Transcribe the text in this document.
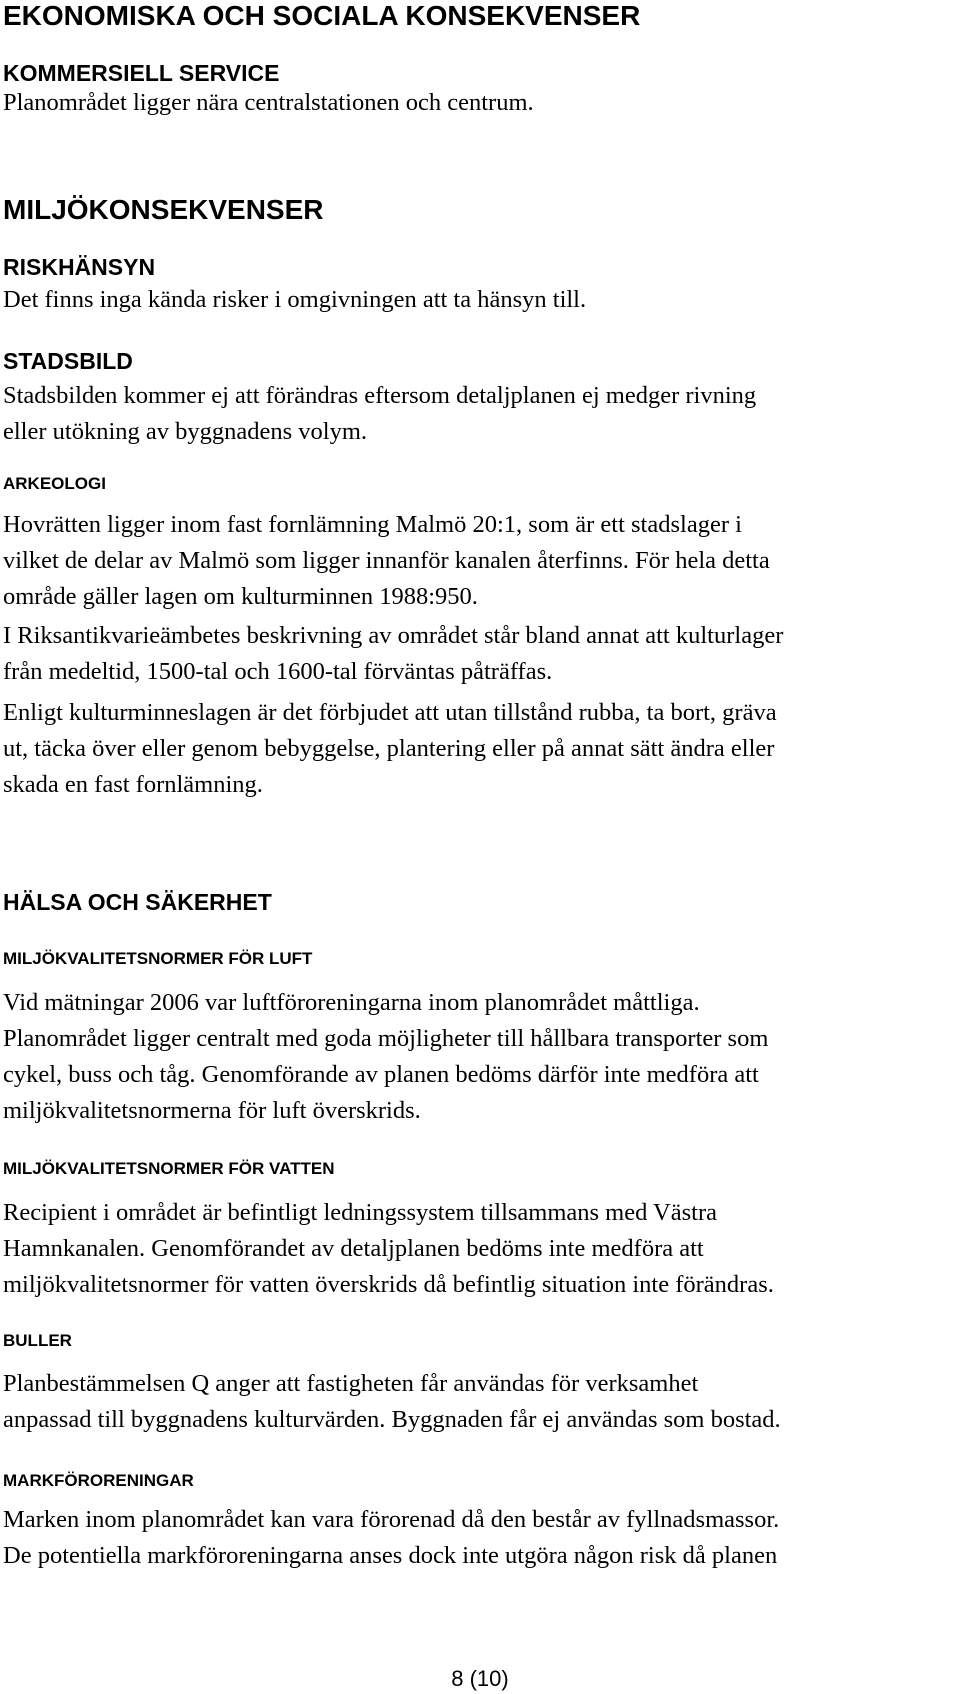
EKONOMISKA OCH SOCIALA KONSEKVENSER
KOMMERSIELL SERVICE

Planområdet ligger nära centralstationen och centrum.

MILJÖKONSEKVENSER
RISKHÄNSYN

Det finns inga kända risker i omgivningen att ta hänsyn till.

STADSBILD
Stadsbilden kommer ej att förändras eftersom detaljplanen ej medger rivning
eller utökning av byggnadens volym.
ARKEOLOGI
Hovrätten ligger inom fast fornlämning Malmö 20:1, som är ett stadslager i
vilket de delar av Malmö som ligger innanför kanalen återfinns. För hela detta
område gäller lagen om kulturminnen 1988:950.
I Riksantikvarieämbetes beskrivning av området står bland annat att kulturlager
från medeltid, 1500-tal och 1600-tal förväntas påträffas.
Enligt kulturminneslagen är det förbjudet att utan tillstånd rubba, ta bort, gräva
ut, täcka över eller genom bebyggelse, plantering eller på annat sätt ändra eller
skada en fast fornlämning.
HÄLSA OCH SÄKERHET
MILJÖKVALITETSNORMER FÖR LUFT
Vid mätningar 2006 var luftföroreningarna inom planområdet måttliga.
Planområdet ligger centralt med goda möjligheter till hållbara transporter som
cykel, buss och tåg. Genomförande av planen bedöms därför inte medföra att
miljökvalitetsnormerna för luft överskrids.
MILJÖKVALITETSNORMER FÖR VATTEN
Recipient i området är befintligt ledningssystem tillsammans med Västra
Hamnkanalen. Genomförandet av detaljplanen bedöms inte medföra att
miljökvalitetsnormer för vatten överskrids då befintlig situation inte förändras.
BULLER
Planbestämmelsen Q anger att fastigheten får användas för verksamhet
anpassad till byggnadens kulturvärden. Byggnaden får ej användas som bostad.
MARKFÖRORENINGAR
Marken inom planområdet kan vara förorenad då den består av fyllnadsmassor.
De potentiella markföroreningarna anses dock inte utgöra någon risk då planen
8 (10)
